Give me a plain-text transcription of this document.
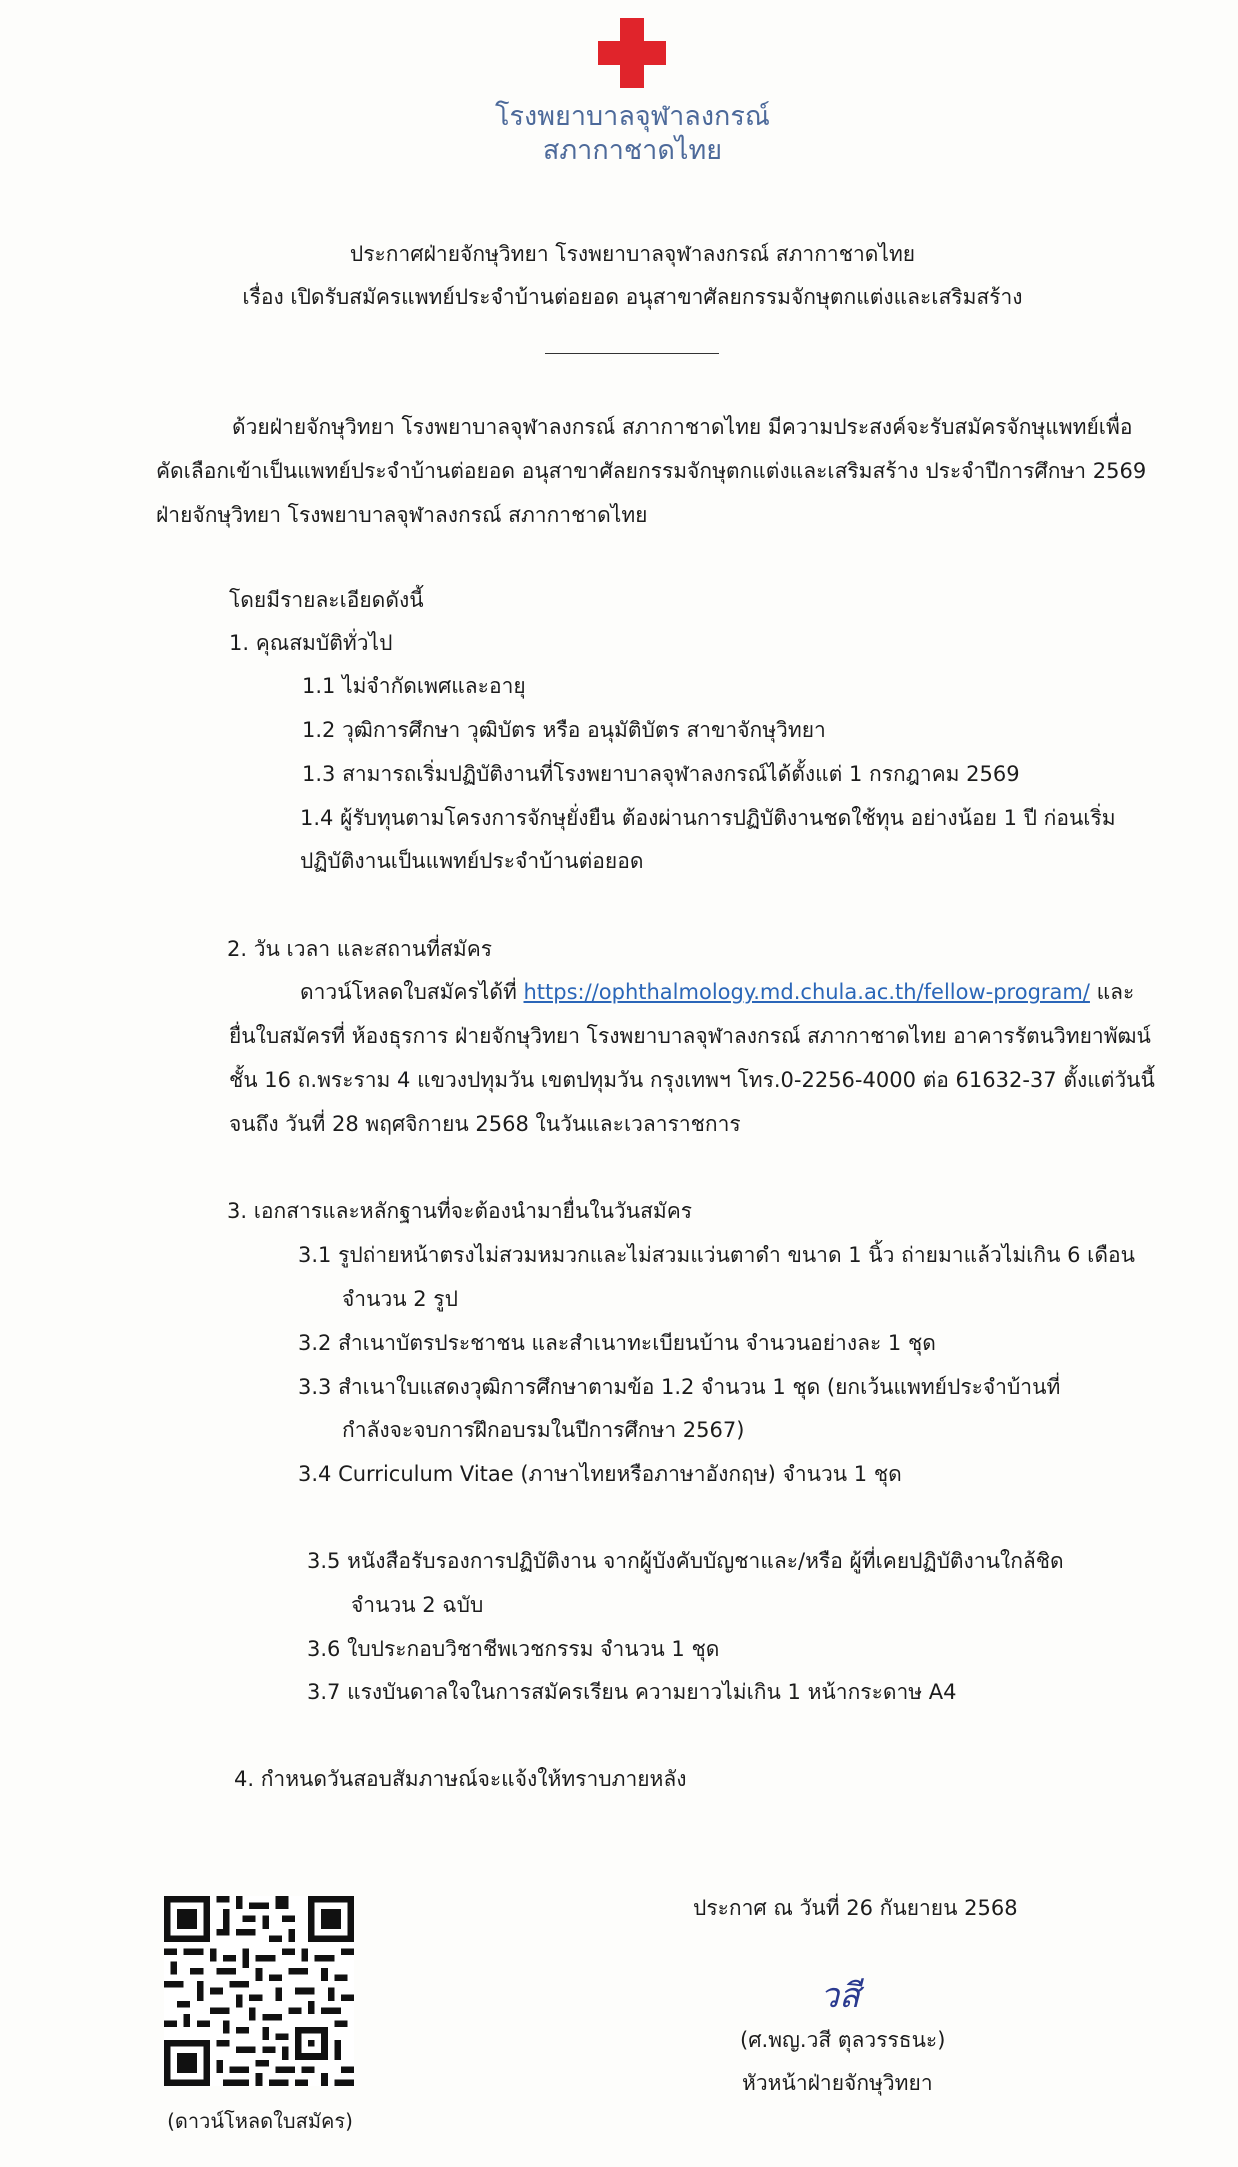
โรงพยาบาลจุฬาลงกรณ์
สภากาชาดไทย
ประกาศฝ่ายจักษุวิทยา โรงพยาบาลจุฬาลงกรณ์ สภากาชาดไทย
เรื่อง เปิดรับสมัครแพทย์ประจำบ้านต่อยอด อนุสาขาศัลยกรรมจักษุตกแต่งและเสริมสร้าง
ด้วยฝ่ายจักษุวิทยา โรงพยาบาลจุฬาลงกรณ์ สภากาชาดไทย มีความประสงค์จะรับสมัครจักษุแพทย์เพื่อ
คัดเลือกเข้าเป็นแพทย์ประจำบ้านต่อยอด อนุสาขาศัลยกรรมจักษุตกแต่งและเสริมสร้าง ประจำปีการศึกษา 2569
ฝ่ายจักษุวิทยา โรงพยาบาลจุฬาลงกรณ์ สภากาชาดไทย
โดยมีรายละเอียดดังนี้
1. คุณสมบัติทั่วไป
1.1 ไม่จำกัดเพศและอายุ
1.2 วุฒิการศึกษา วุฒิบัตร หรือ อนุมัติบัตร สาขาจักษุวิทยา
1.3 สามารถเริ่มปฏิบัติงานที่โรงพยาบาลจุฬาลงกรณ์ได้ตั้งแต่ 1 กรกฎาคม 2569
1.4 ผู้รับทุนตามโครงการจักษุยั่งยืน ต้องผ่านการปฏิบัติงานชดใช้ทุน อย่างน้อย 1 ปี ก่อนเริ่ม
ปฏิบัติงานเป็นแพทย์ประจำบ้านต่อยอด
2. วัน เวลา และสถานที่สมัคร
ดาวน์โหลดใบสมัครได้ที่ https://ophthalmology.md.chula.ac.th/fellow-program/ และ
ยื่นใบสมัครที่ ห้องธุรการ ฝ่ายจักษุวิทยา โรงพยาบาลจุฬาลงกรณ์ สภากาชาดไทย อาคารรัตนวิทยาพัฒน์
ชั้น 16 ถ.พระราม 4 แขวงปทุมวัน เขตปทุมวัน กรุงเทพฯ โทร.0-2256-4000 ต่อ 61632-37 ตั้งแต่วันนี้
จนถึง วันที่ 28 พฤศจิกายน 2568 ในวันและเวลาราชการ
3. เอกสารและหลักฐานที่จะต้องนำมายื่นในวันสมัคร
3.1 รูปถ่ายหน้าตรงไม่สวมหมวกและไม่สวมแว่นตาดำ ขนาด 1 นิ้ว ถ่ายมาแล้วไม่เกิน 6 เดือน
จำนวน 2 รูป
3.2 สำเนาบัตรประชาชน และสำเนาทะเบียนบ้าน จำนวนอย่างละ 1 ชุด
3.3 สำเนาใบแสดงวุฒิการศึกษาตามข้อ 1.2 จำนวน 1 ชุด (ยกเว้นแพทย์ประจำบ้านที่
กำลังจะจบการฝึกอบรมในปีการศึกษา 2567)
3.4 Curriculum Vitae (ภาษาไทยหรือภาษาอังกฤษ) จำนวน 1 ชุด
3.5 หนังสือรับรองการปฏิบัติงาน จากผู้บังคับบัญชาและ/หรือ ผู้ที่เคยปฏิบัติงานใกล้ชิด
จำนวน 2 ฉบับ
3.6 ใบประกอบวิชาชีพเวชกรรม จำนวน 1 ชุด
3.7 แรงบันดาลใจในการสมัครเรียน ความยาวไม่เกิน 1 หน้ากระดาษ A4
4. กำหนดวันสอบสัมภาษณ์จะแจ้งให้ทราบภายหลัง
(ดาวน์โหลดใบสมัคร)
ประกาศ ณ วันที่ 26 กันยายน 2568
วสี
(ศ.พญ.วสี ตุลวรรธนะ)
หัวหน้าฝ่ายจักษุวิทยา
